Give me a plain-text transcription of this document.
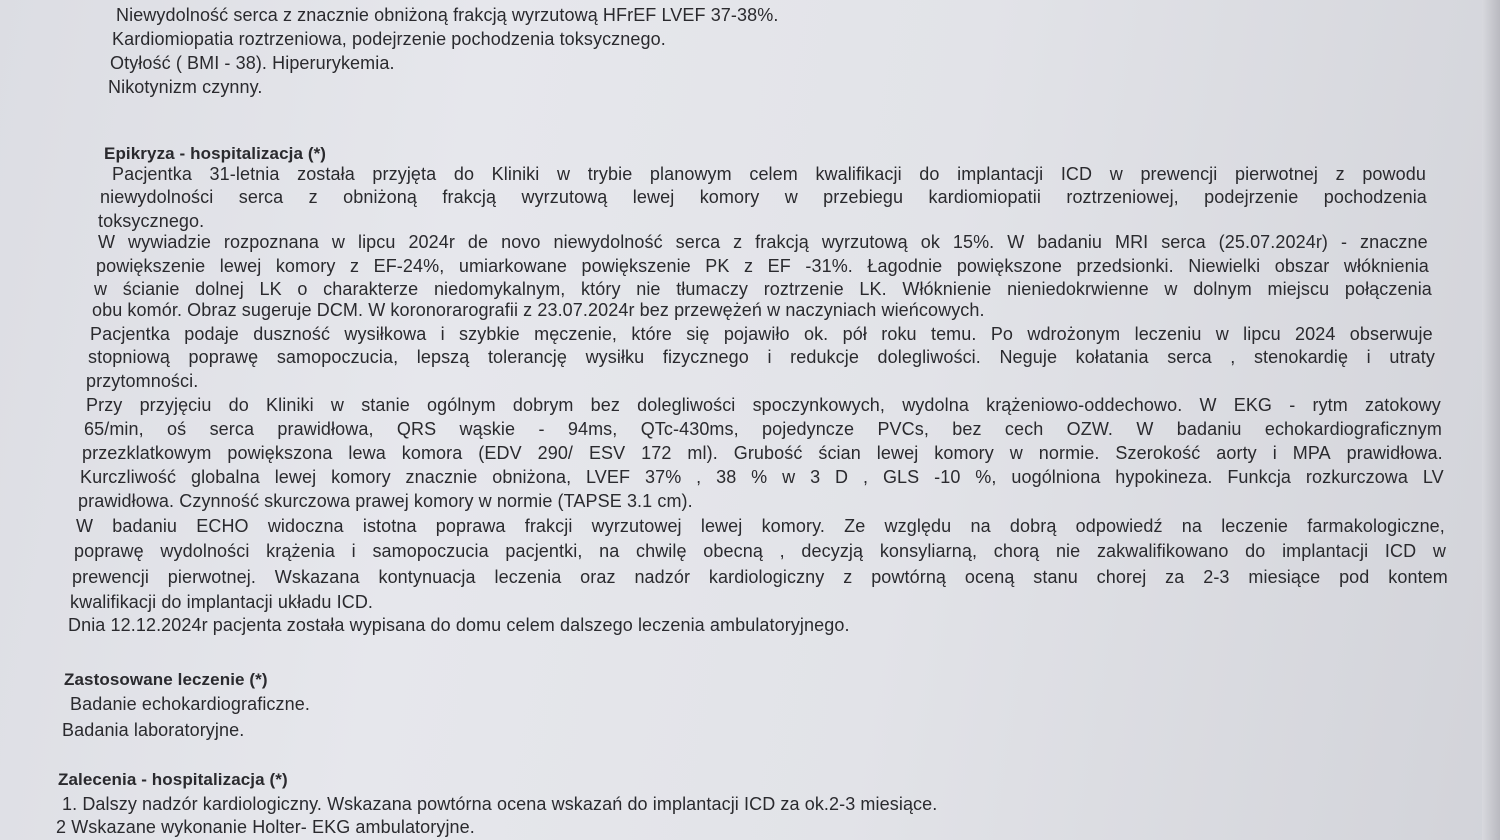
Niewydolność serca z znacznie obniżoną frakcją wyrzutową HFrEF LVEF 37-38%.
Kardiomiopatia roztrzeniowa, podejrzenie pochodzenia toksycznego.
Otyłość ( BMI - 38). Hiperurykemia.
Nikotynizm czynny.
Epikryza - hospitalizacja (*)
Pacjentka 31-letnia została przyjęta do Kliniki w trybie planowym celem kwalifikacji do implantacji ICD w prewencji pierwotnej z powodu
niewydolności serca z obniżoną frakcją wyrzutową lewej komory w przebiegu kardiomiopatii roztrzeniowej, podejrzenie pochodzenia
toksycznego.
W wywiadzie rozpoznana w lipcu 2024r de novo niewydolność serca z frakcją wyrzutową ok 15%. W badaniu MRI serca (25.07.2024r) - znaczne
powiększenie lewej komory z EF-24%, umiarkowane powiększenie PK z EF -31%. Łagodnie powiększone przedsionki. Niewielki obszar włóknienia
w ścianie dolnej LK o charakterze niedomykalnym, który nie tłumaczy roztrzenie LK. Włóknienie nieniedokrwienne w dolnym miejscu połączenia
obu komór. Obraz sugeruje DCM. W koronorarografii z 23.07.2024r bez przewężeń w naczyniach wieńcowych.
Pacjentka podaje duszność wysiłkowa i szybkie męczenie, które się pojawiło ok. pół roku temu. Po wdrożonym leczeniu w lipcu 2024 obserwuje
stopniową poprawę samopoczucia, lepszą tolerancję wysiłku fizycznego i redukcje dolegliwości. Neguje kołatania serca , stenokardię i utraty
przytomności.
Przy przyjęciu do Kliniki w stanie ogólnym dobrym bez dolegliwości spoczynkowych, wydolna krążeniowo-oddechowo. W EKG - rytm zatokowy
65/min, oś serca prawidłowa, QRS wąskie - 94ms, QTc-430ms, pojedyncze PVCs, bez cech OZW. W badaniu echokardiograficznym
przezklatkowym powiększona lewa komora (EDV 290/ ESV 172 ml). Grubość ścian lewej komory w normie. Szerokość aorty i MPA prawidłowa.
Kurczliwość globalna lewej komory znacznie obniżona, LVEF 37% , 38 % w 3 D , GLS -10 %, uogólniona hypokineza. Funkcja rozkurczowa LV
prawidłowa. Czynność skurczowa prawej komory w normie (TAPSE 3.1 cm).
W badaniu ECHO widoczna istotna poprawa frakcji wyrzutowej lewej komory. Ze względu na dobrą odpowiedź na leczenie farmakologiczne,
poprawę wydolności krążenia i samopoczucia pacjentki, na chwilę obecną , decyzją konsyliarną, chorą nie zakwalifikowano do implantacji ICD w
prewencji pierwotnej. Wskazana kontynuacja leczenia oraz nadzór kardiologiczny z powtórną oceną stanu chorej za 2-3 miesiące pod kontem
kwalifikacji do implantacji układu ICD.
Dnia 12.12.2024r pacjenta została wypisana do domu celem dalszego leczenia ambulatoryjnego.
Zastosowane leczenie (*)
Badanie echokardiograficzne.
Badania laboratoryjne.
Zalecenia - hospitalizacja (*)
1. Dalszy nadzór kardiologiczny. Wskazana powtórna ocena wskazań do implantacji ICD za ok.2-3 miesiące.
2 Wskazane wykonanie Holter- EKG ambulatoryjne.
